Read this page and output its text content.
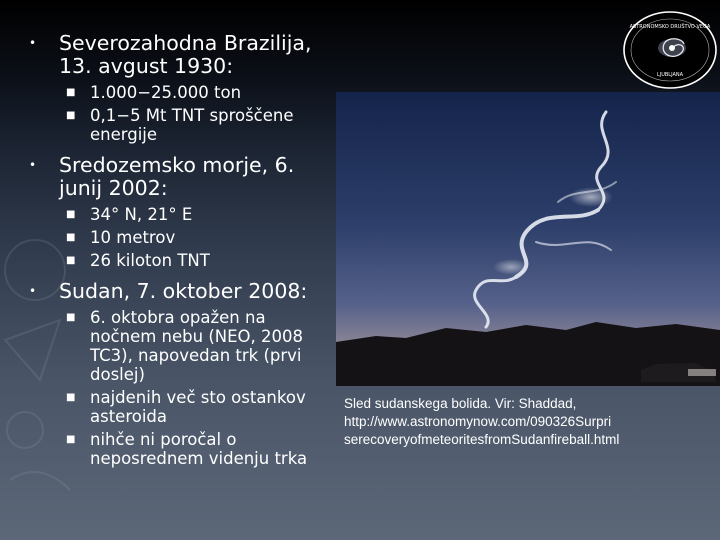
•	Severozahodna Brazilija, 13. avgust 1930:
■ 1.000−25.000 ton
■ 0,1−5 Mt TNT sproščene energije
•	Sredozemsko morje, 6. junij 2002:
■ 34° N, 21° E
■ 10 metrov
■ 26 kiloton TNT
•	Sudan, 7. oktober 2008:
■ 6. oktobra opažen na nočnem nebu (NEO, 2008 TC3), napovedan trk (prvi doslej)
■ najdenih več sto ostankov asteroida
■ nihče ni poročal o neposrednem videnju trka
Sled sudanskega bolida. Vir: Shaddad,
http://www.astronomynow.com/090326Surpri
serecoveryofmeteoritesfromSudanfireball.html
ASTRONOMSKO DRUŠTVO VEGA
LJUBLJANA
